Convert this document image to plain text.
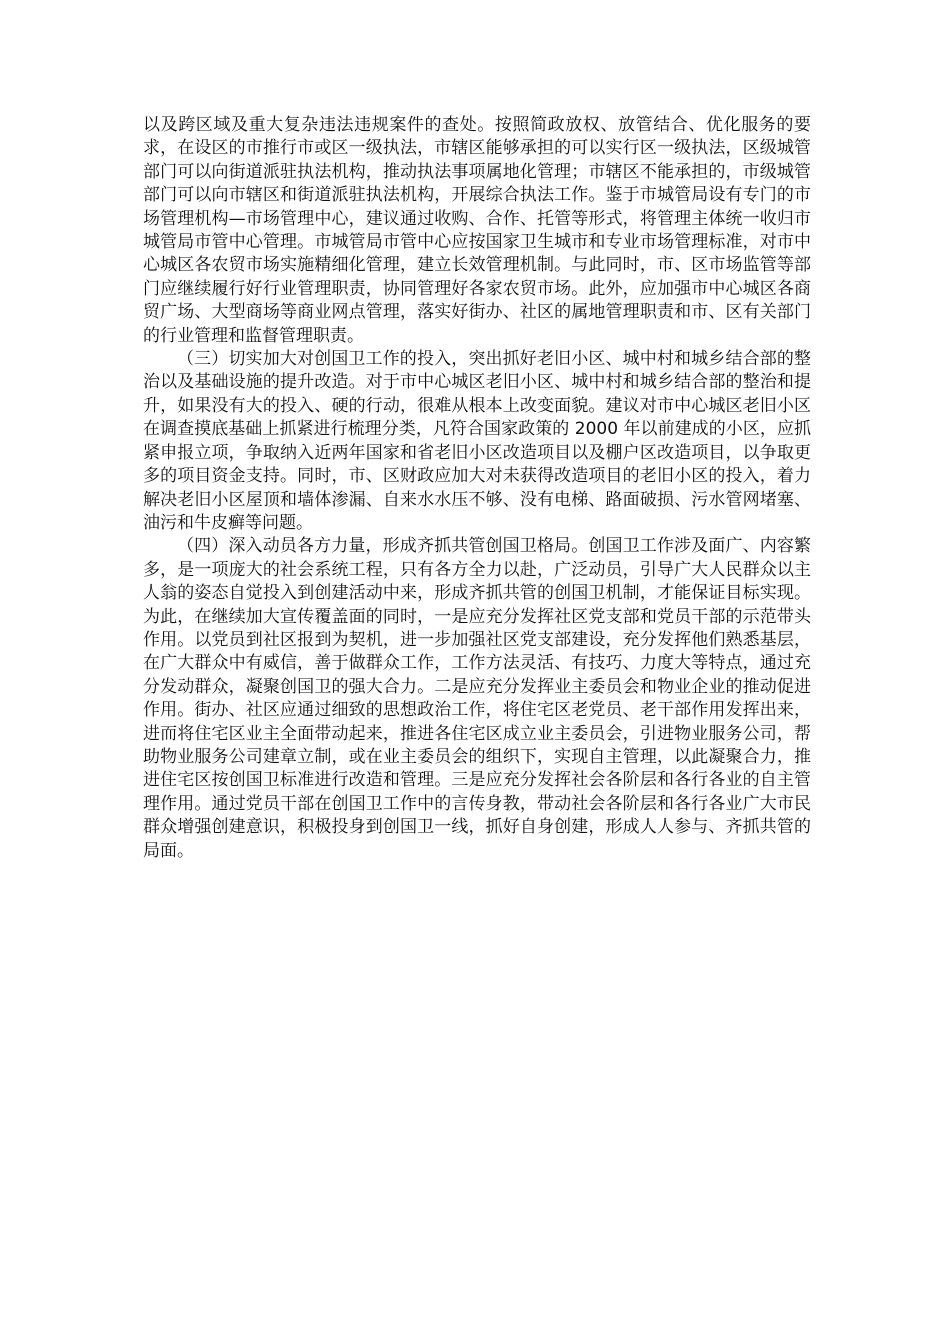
以及跨区域及重大复杂违法违规案件的查处。按照简政放权、放管结合、优化服务的要求，在设区的市推行市或区一级执法，市辖区能够承担的可以实行区一级执法，区级城管部门可以向街道派驻执法机构，推动执法事项属地化管理；市辖区不能承担的，市级城管部门可以向市辖区和街道派驻执法机构，开展综合执法工作。鉴于市城管局设有专门的市场管理机构—市场管理中心，建议通过收购、合作、托管等形式，将管理主体统一收归市城管局市管中心管理。市城管局市管中心应按国家卫生城市和专业市场管理标准，对市中心城区各农贸市场实施精细化管理，建立长效管理机制。与此同时，市、区市场监管等部门应继续履行好行业管理职责，协同管理好各家农贸市场。此外，应加强市中心城区各商贸广场、大型商场等商业网点管理，落实好街办、社区的属地管理职责和市、区有关部门的行业管理和监督管理职责。

（三）切实加大对创国卫工作的投入，突出抓好老旧小区、城中村和城乡结合部的整治以及基础设施的提升改造。对于市中心城区老旧小区、城中村和城乡结合部的整治和提升，如果没有大的投入、硬的行动，很难从根本上改变面貌。建议对市中心城区老旧小区在调查摸底基础上抓紧进行梳理分类，凡符合国家政策的 2000 年以前建成的小区，应抓紧申报立项，争取纳入近两年国家和省老旧小区改造项目以及棚户区改造项目，以争取更多的项目资金支持。同时，市、区财政应加大对未获得改造项目的老旧小区的投入，着力解决老旧小区屋顶和墙体渗漏、自来水水压不够、没有电梯、路面破损、污水管网堵塞、油污和牛皮癣等问题。

（四）深入动员各方力量，形成齐抓共管创国卫格局。创国卫工作涉及面广、内容繁多，是一项庞大的社会系统工程，只有各方全力以赴，广泛动员，引导广大人民群众以主人翁的姿态自觉投入到创建活动中来，形成齐抓共管的创国卫机制，才能保证目标实现。为此，在继续加大宣传覆盖面的同时，一是应充分发挥社区党支部和党员干部的示范带头作用。以党员到社区报到为契机，进一步加强社区党支部建设，充分发挥他们熟悉基层，在广大群众中有威信，善于做群众工作，工作方法灵活、有技巧、力度大等特点，通过充分发动群众，凝聚创国卫的强大合力。二是应充分发挥业主委员会和物业企业的推动促进作用。街办、社区应通过细致的思想政治工作，将住宅区老党员、老干部作用发挥出来，进而将住宅区业主全面带动起来，推进各住宅区成立业主委员会，引进物业服务公司，帮助物业服务公司建章立制，或在业主委员会的组织下，实现自主管理，以此凝聚合力，推进住宅区按创国卫标准进行改造和管理。三是应充分发挥社会各阶层和各行各业的自主管理作用。通过党员干部在创国卫工作中的言传身教，带动社会各阶层和各行各业广大市民群众增强创建意识，积极投身到创国卫一线，抓好自身创建，形成人人参与、齐抓共管的局面。
